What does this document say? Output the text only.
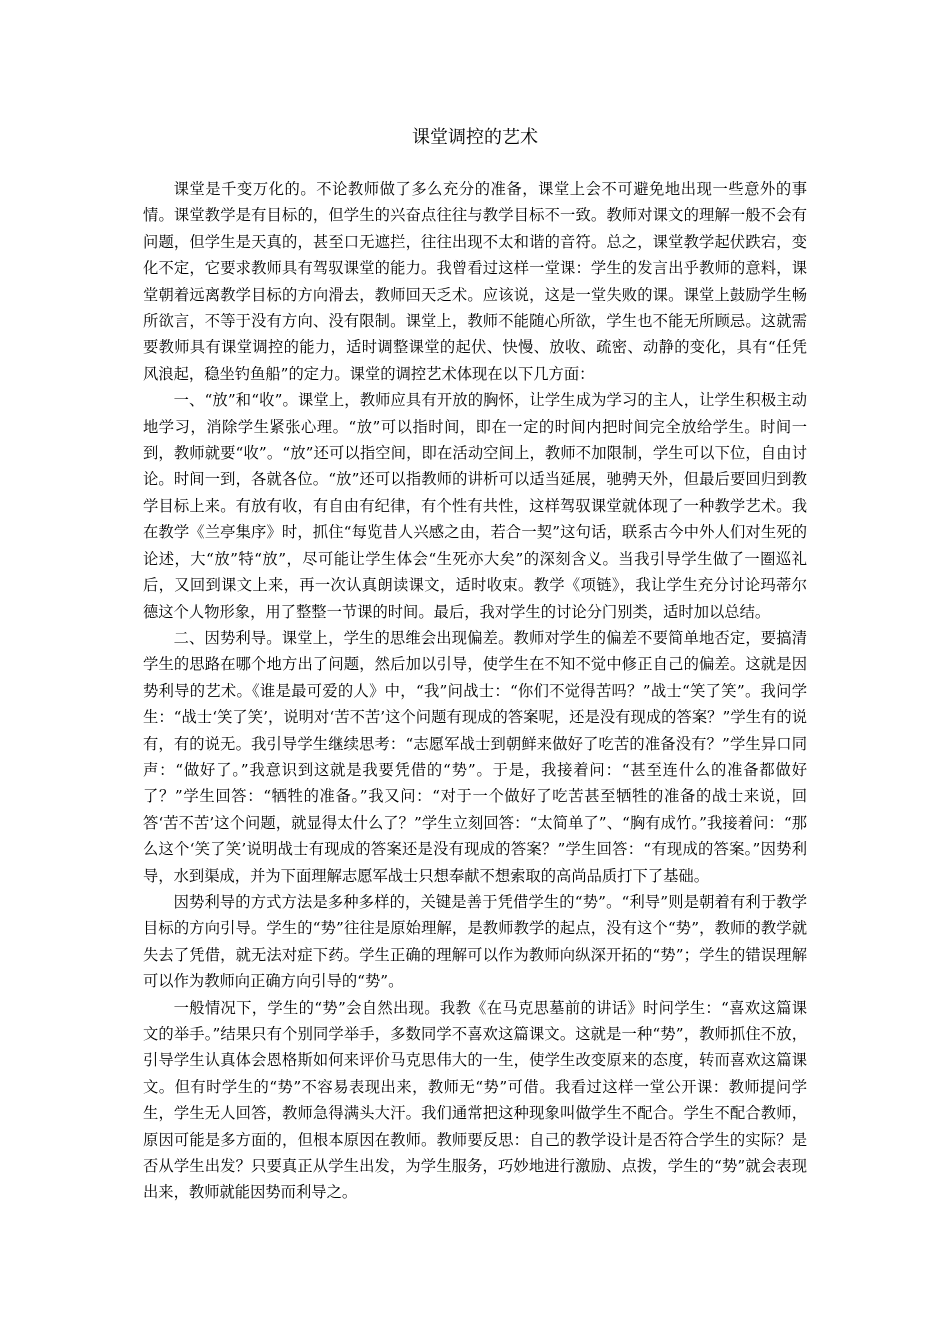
课堂调控的艺术

课堂是千变万化的。不论教师做了多么充分的准备，课堂上会不可避免地出现一些意外的事情。课堂教学是有目标的，但学生的兴奋点往往与教学目标不一致。教师对课文的理解一般不会有问题，但学生是天真的，甚至口无遮拦，往往出现不太和谐的音符。总之，课堂教学起伏跌宕，变化不定，它要求教师具有驾驭课堂的能力。我曾看过这样一堂课：学生的发言出乎教师的意料，课堂朝着远离教学目标的方向滑去，教师回天乏术。应该说，这是一堂失败的课。课堂上鼓励学生畅所欲言，不等于没有方向、没有限制。课堂上，教师不能随心所欲，学生也不能无所顾忌。这就需要教师具有课堂调控的能力，适时调整课堂的起伏、快慢、放收、疏密、动静的变化，具有“任凭风浪起，稳坐钓鱼船”的定力。课堂的调控艺术体现在以下几方面：

一、“放”和“收”。课堂上，教师应具有开放的胸怀，让学生成为学习的主人，让学生积极主动地学习，消除学生紧张心理。“放”可以指时间，即在一定的时间内把时间完全放给学生。时间一到，教师就要“收”。“放”还可以指空间，即在活动空间上，教师不加限制，学生可以下位，自由讨论。时间一到，各就各位。“放”还可以指教师的讲析可以适当延展，驰骋天外，但最后要回归到教学目标上来。有放有收，有自由有纪律，有个性有共性，这样驾驭课堂就体现了一种教学艺术。我在教学《兰亭集序》时，抓住“每览昔人兴感之由，若合一契”这句话，联系古今中外人们对生死的论述，大“放”特“放”，尽可能让学生体会“生死亦大矣”的深刻含义。当我引导学生做了一圈巡礼后，又回到课文上来，再一次认真朗读课文，适时收束。教学《项链》，我让学生充分讨论玛蒂尔德这个人物形象，用了整整一节课的时间。最后，我对学生的讨论分门别类，适时加以总结。

二、因势利导。课堂上，学生的思维会出现偏差。教师对学生的偏差不要简单地否定，要搞清学生的思路在哪个地方出了问题，然后加以引导，使学生在不知不觉中修正自己的偏差。这就是因势利导的艺术。《谁是最可爱的人》中，“我”问战士：“你们不觉得苦吗？”战士“笑了笑”。我问学生：“战士‘笑了笑’，说明对‘苦不苦’这个问题有现成的答案呢，还是没有现成的答案？”学生有的说有，有的说无。我引导学生继续思考：“志愿军战士到朝鲜来做好了吃苦的准备没有？”学生异口同声：“做好了。”我意识到这就是我要凭借的“势”。于是，我接着问：“甚至连什么的准备都做好了？”学生回答：“牺牲的准备。”我又问：“对于一个做好了吃苦甚至牺牲的准备的战士来说，回答‘苦不苦’这个问题，就显得太什么了？”学生立刻回答：“太简单了”、“胸有成竹。”我接着问：“那么这个‘笑了笑’说明战士有现成的答案还是没有现成的答案？”学生回答：“有现成的答案。”因势利导，水到渠成，并为下面理解志愿军战士只想奉献不想索取的高尚品质打下了基础。

因势利导的方式方法是多种多样的，关键是善于凭借学生的“势”。“利导”则是朝着有利于教学目标的方向引导。学生的“势”往往是原始理解，是教师教学的起点，没有这个“势”，教师的教学就失去了凭借，就无法对症下药。学生正确的理解可以作为教师向纵深开拓的“势”；学生的错误理解可以作为教师向正确方向引导的“势”。

一般情况下，学生的“势”会自然出现。我教《在马克思墓前的讲话》时问学生：“喜欢这篇课文的举手。”结果只有个别同学举手，多数同学不喜欢这篇课文。这就是一种“势”，教师抓住不放，引导学生认真体会恩格斯如何来评价马克思伟大的一生，使学生改变原来的态度，转而喜欢这篇课文。但有时学生的“势”不容易表现出来，教师无“势”可借。我看过这样一堂公开课：教师提问学生，学生无人回答，教师急得满头大汗。我们通常把这种现象叫做学生不配合。学生不配合教师，原因可能是多方面的，但根本原因在教师。教师要反思：自己的教学设计是否符合学生的实际？是否从学生出发？只要真正从学生出发，为学生服务，巧妙地进行激励、点拨，学生的“势”就会表现出来，教师就能因势而利导之。
